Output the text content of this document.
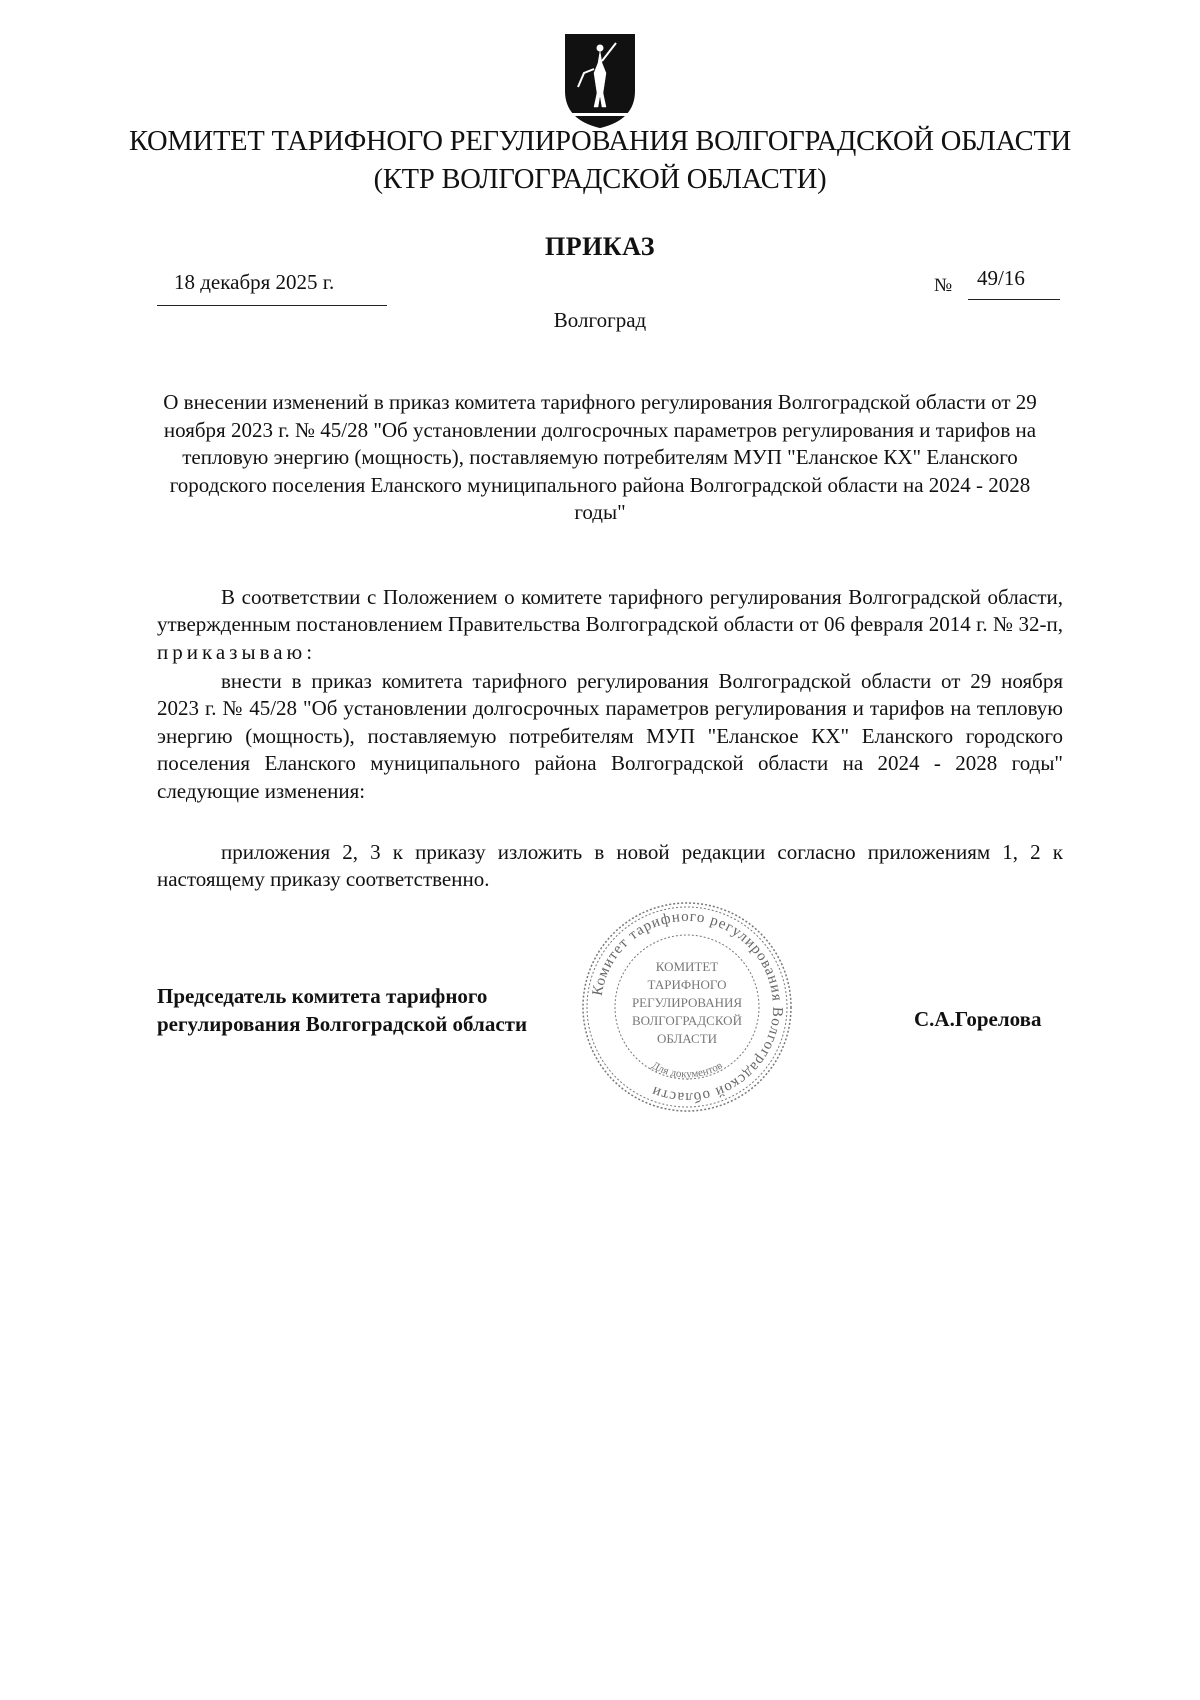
КОМИТЕТ ТАРИФНОГО РЕГУЛИРОВАНИЯ ВОЛГОГРАДСКОЙ ОБЛАСТИ
(КТР ВОЛГОГРАДСКОЙ ОБЛАСТИ)
ПРИКАЗ
18 декабря 2025 г.	№ 49/16
Волгоград
О внесении изменений в приказ комитета тарифного регулирования Волгоградской области от 29 ноября 2023 г. № 45/28 "Об установлении долгосрочных параметров регулирования и тарифов на тепловую энергию (мощность), поставляемую потребителям МУП "Еланское КХ" Еланского городского поселения Еланского муниципального района Волгоградской области на 2024 - 2028 годы"
В соответствии с Положением о комитете тарифного регулирования Волгоградской области, утвержденным постановлением Правительства Волгоградской области от 06 февраля 2014 г. № 32-п, приказываю:
внести в приказ комитета тарифного регулирования Волгоградской области от 29 ноября 2023 г. № 45/28 "Об установлении долгосрочных параметров регулирования и тарифов на тепловую энергию (мощность), поставляемую потребителям МУП "Еланское КХ" Еланского городского поселения Еланского муниципального района Волгоградской области на 2024 - 2028 годы" следующие изменения:
приложения 2, 3 к приказу изложить в новой редакции согласно приложениям 1, 2 к настоящему приказу соответственно.
Председатель комитета тарифного
регулирования Волгоградской области	С.А.Горелова
Комитет тарифного регулирования Волгоградской области
КОМИТЕТ
ТАРИФНОГО
РЕГУЛИРОВАНИЯ
ВОЛГОГРАДСКОЙ
ОБЛАСТИ
Для документов
